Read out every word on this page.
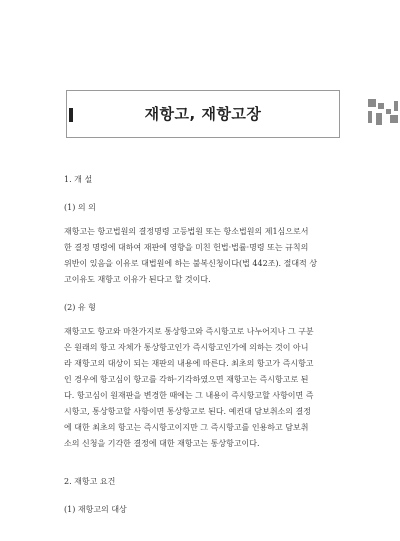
재항고, 재항고장

1. 개 설

(1) 의 의

재항고는 항고법원의 결정명령 고등법원 또는 항소법원의 제1심으로서

한 결정 명령에 대하여 재판에 영향을 미친 헌법·법률·명령 또는 규칙의

위반이 있음을 이유로 대법원에 하는 불복신청이다(법 442조). 절대적 상

고이유도 재항고 이유가 된다고 할 것이다.

(2) 유 형

재항고도 항고와 마찬가지로 통상항고와 즉시항고로 나누어지나 그 구분

은 원래의 항고 자체가 통상항고인가 즉시항고인가에 의하는 것이 아니

라 재항고의 대상이 되는 재판의 내용에 따른다. 최초의 항고가 즉시항고

인 경우에 항고심이 항고를 각하·기각하였으면 재항고는 즉시항고로 된

다. 항고심이 원재판을 변경한 때에는 그 내용이 즉시항고할 사항이면 즉

시항고, 통상항고할 사항이면 통상항고로 된다. 예컨대 담보취소의 결정

에 대한 최초의 항고는 즉시항고이지만 그 즉시항고를 인용하고 담보취

소의 신청을 기각한 결정에 대한 재항고는 통상항고이다.

2. 재항고 요건

(1) 재항고의 대상
